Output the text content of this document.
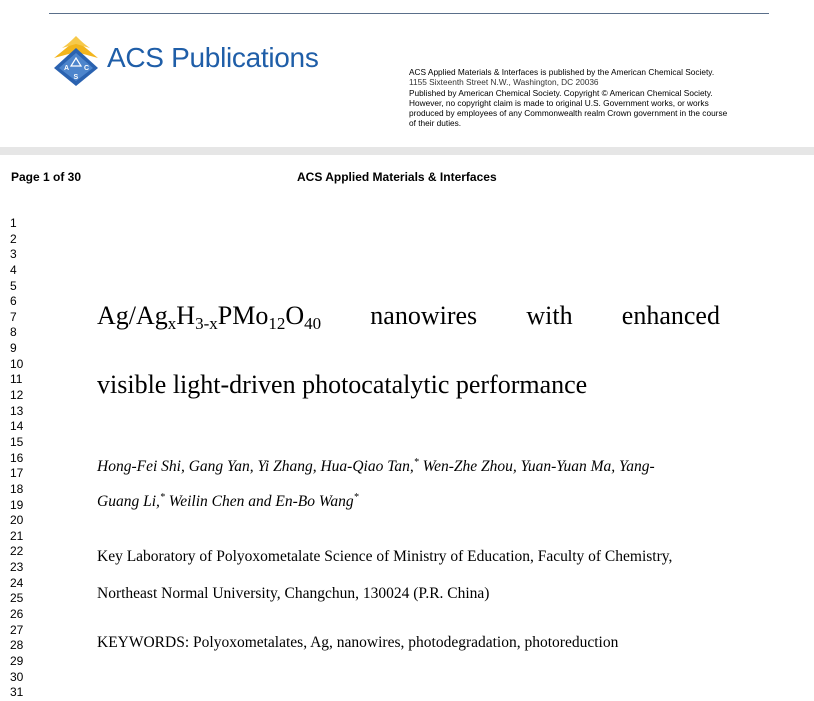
A C
S
ACS Publications	ACS Applied Materials & Interfaces is published by the American Chemical Society.
1155 Sixteenth Street N.W., Washington, DC 20036
Published by American Chemical Society. Copyright © American Chemical Society.
However, no copyright claim is made to original U.S. Government works, or works
produced by employees of any Commonwealth realm Crown government in the course
of their duties.
Page 1 of 30	ACS Applied Materials & Interfaces
1
2
3
4
5
6
7
8
9
10
11
12
13
14
15
16
17
18
19
20
21
22
23
24
25
26
27
28
29
30
31
$Ag/Ag_xH_{3-x}PMo_{12}O_{40}$ nanowires with enhanced
visible light-driven photocatalytic performance
Hong-Fei Shi, Gang Yan, Yi Zhang, Hua-Qiao Tan,* Wen-Zhe Zhou, Yuan-Yuan Ma, Yang-
Guang Li,* Weilin Chen and En-Bo Wang*
Key Laboratory of Polyoxometalate Science of Ministry of Education, Faculty of Chemistry,
Northeast Normal University, Changchun, 130024 (P.R. China)
KEYWORDS: Polyoxometalates, Ag, nanowires, photodegradation, photoreduction
